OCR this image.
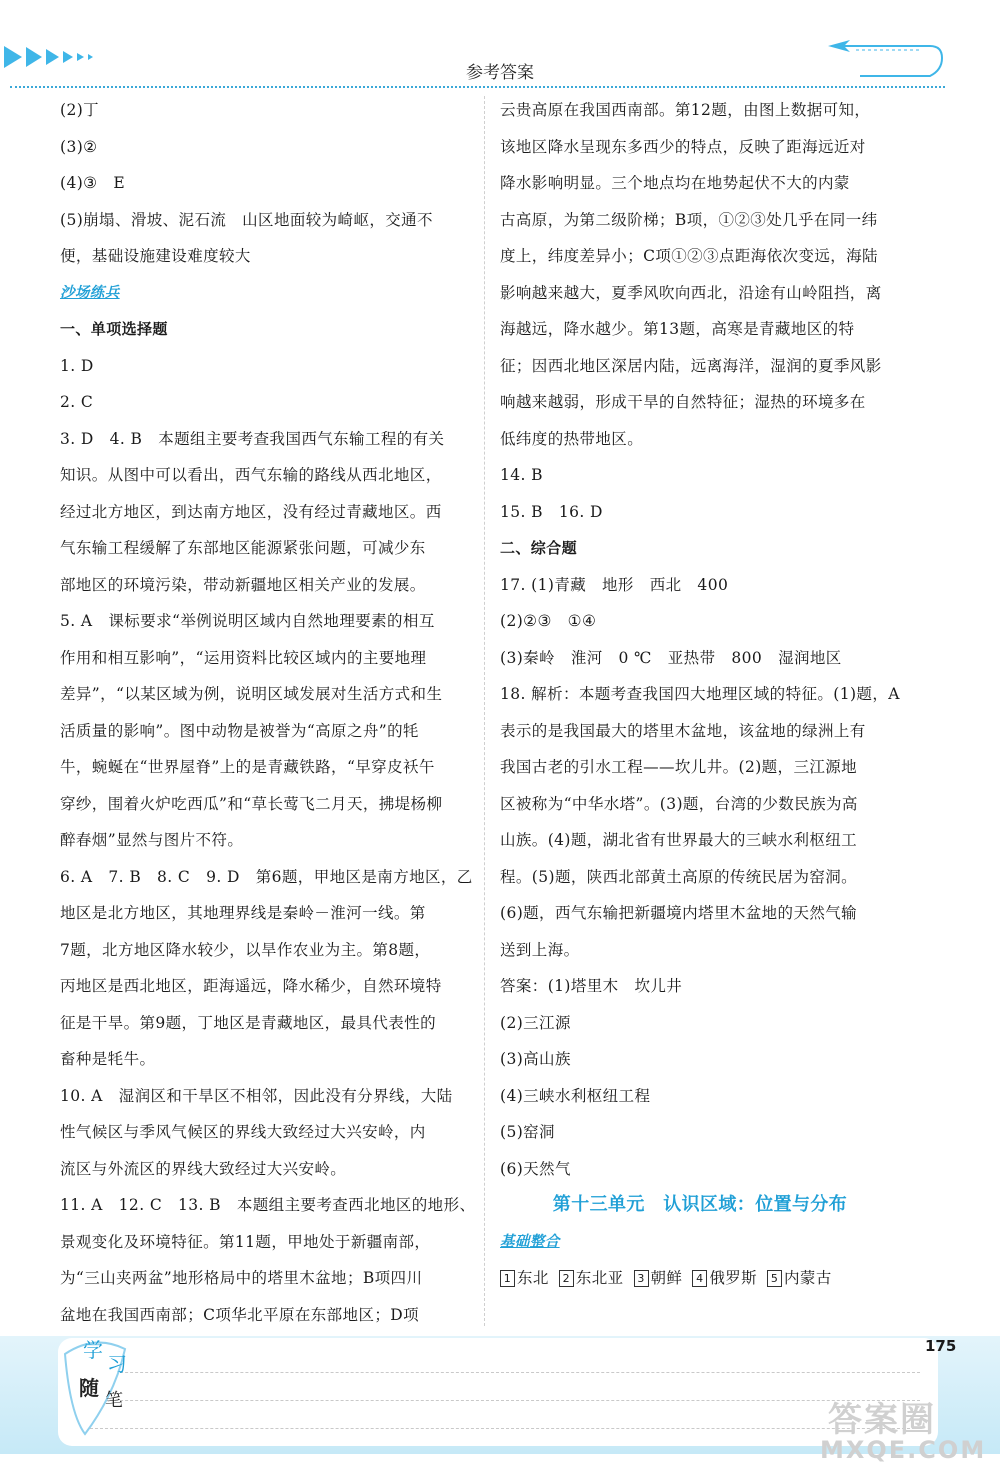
参考答案
(2)丁
(3)②
(4)③　E
(5)崩塌、滑坡、泥石流　山区地面较为崎岖，交通不
便，基础设施建设难度较大
沙场练兵
一、单项选择题
1. D
2. C
3. D　4. B　本题组主要考查我国西气东输工程的有关
知识。从图中可以看出，西气东输的路线从西北地区，
经过北方地区，到达南方地区，没有经过青藏地区。西
气东输工程缓解了东部地区能源紧张问题，可减少东
部地区的环境污染，带动新疆地区相关产业的发展。
5. A　课标要求“举例说明区域内自然地理要素的相互
作用和相互影响”，“运用资料比较区域内的主要地理
差异”，“以某区域为例，说明区域发展对生活方式和生
活质量的影响”。图中动物是被誉为“高原之舟”的牦
牛，蜿蜒在“世界屋脊”上的是青藏铁路，“早穿皮袄午
穿纱，围着火炉吃西瓜”和“草长莺飞二月天，拂堤杨柳
醉春烟”显然与图片不符。
6. A　7. B　8. C　9. D　第6题，甲地区是南方地区，乙
地区是北方地区，其地理界线是秦岭－淮河一线。第
7题，北方地区降水较少，以旱作农业为主。第8题，
丙地区是西北地区，距海遥远，降水稀少，自然环境特
征是干旱。第9题，丁地区是青藏地区，最具代表性的
畜种是牦牛。
10. A　湿润区和干旱区不相邻，因此没有分界线，大陆
性气候区与季风气候区的界线大致经过大兴安岭，内
流区与外流区的界线大致经过大兴安岭。
11. A　12. C　13. B　本题组主要考查西北地区的地形、
景观变化及环境特征。第11题，甲地处于新疆南部，
为“三山夹两盆”地形格局中的塔里木盆地；B项四川
盆地在我国西南部；C项华北平原在东部地区；D项
云贵高原在我国西南部。第12题，由图上数据可知，
该地区降水呈现东多西少的特点，反映了距海远近对
降水影响明显。三个地点均在地势起伏不大的内蒙
古高原，为第二级阶梯；B项，①②③处几乎在同一纬
度上，纬度差异小；C项①②③点距海依次变远，海陆
影响越来越大，夏季风吹向西北，沿途有山岭阻挡，离
海越远，降水越少。第13题，高寒是青藏地区的特
征；因西北地区深居内陆，远离海洋，湿润的夏季风影
响越来越弱，形成干旱的自然特征；湿热的环境多在
低纬度的热带地区。
14. B
15. B　16. D
二、综合题
17. (1)青藏　地形　西北　400
(2)②③　①④
(3)秦岭　淮河　0 ℃　亚热带　800　湿润地区
18. 解析：本题考查我国四大地理区域的特征。(1)题，A
表示的是我国最大的塔里木盆地，该盆地的绿洲上有
我国古老的引水工程——坎儿井。(2)题，三江源地
区被称为“中华水塔”。(3)题，台湾的少数民族为高
山族。(4)题，湖北省有世界最大的三峡水利枢纽工
程。(5)题，陕西北部黄土高原的传统民居为窑洞。
(6)题，西气东输把新疆境内塔里木盆地的天然气输
送到上海。
答案：(1)塔里木　坎儿井
(2)三江源
(3)高山族
(4)三峡水利枢纽工程
(5)窑洞
(6)天然气
第十三单元　认识区域：位置与分布
基础整合
1 东北 2 东北亚 3 朝鲜 4 俄罗斯 5 内蒙古
学
习
随
笔
175
答案圈
MXQE.COM
